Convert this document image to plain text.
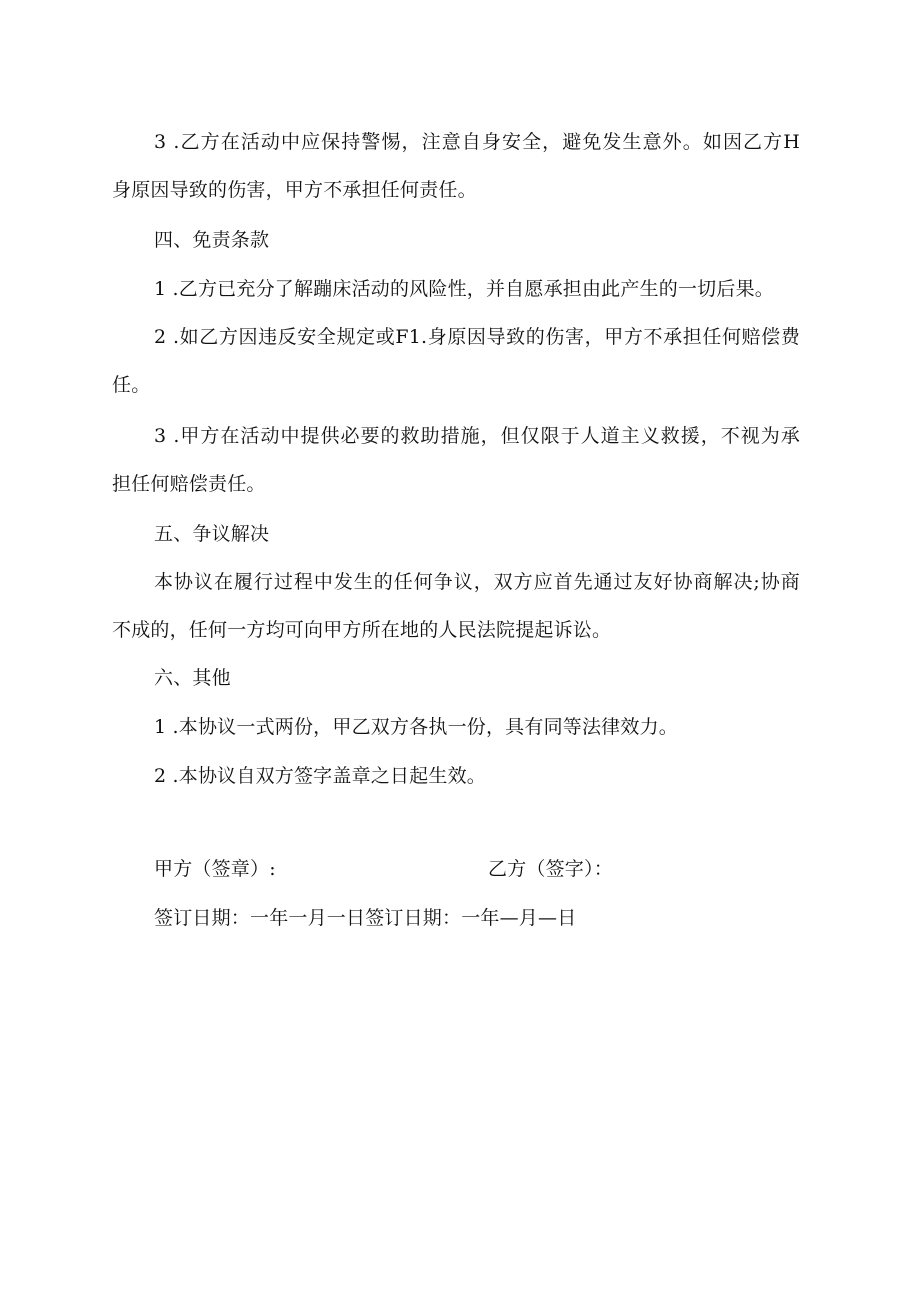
3 .乙方在活动中应保持警惕，注意自身安全，避免发生意外。如因乙方H
身原因导致的伤害，甲方不承担任何责任。
四、免责条款
1 .乙方已充分了解蹦床活动的风险性，并自愿承担由此产生的一切后果。
2 .如乙方因违反安全规定或F1.身原因导致的伤害，甲方不承担任何赔偿费
任。
3 .甲方在活动中提供必要的救助措施，但仅限于人道主义救援，不视为承
担任何赔偿责任。
五、争议解决
本协议在履行过程中发生的任何争议，双方应首先通过友好协商解决;协商
不成的，任何一方均可向甲方所在地的人民法院提起诉讼。
六、其他
1 .本协议一式两份，甲乙双方各执一份，具有同等法律效力。
2 .本协议自双方签字盖章之日起生效。
甲方（签章）:	乙方（签字）：
签订日期：一年一月一日签订日期：一年—月—日
